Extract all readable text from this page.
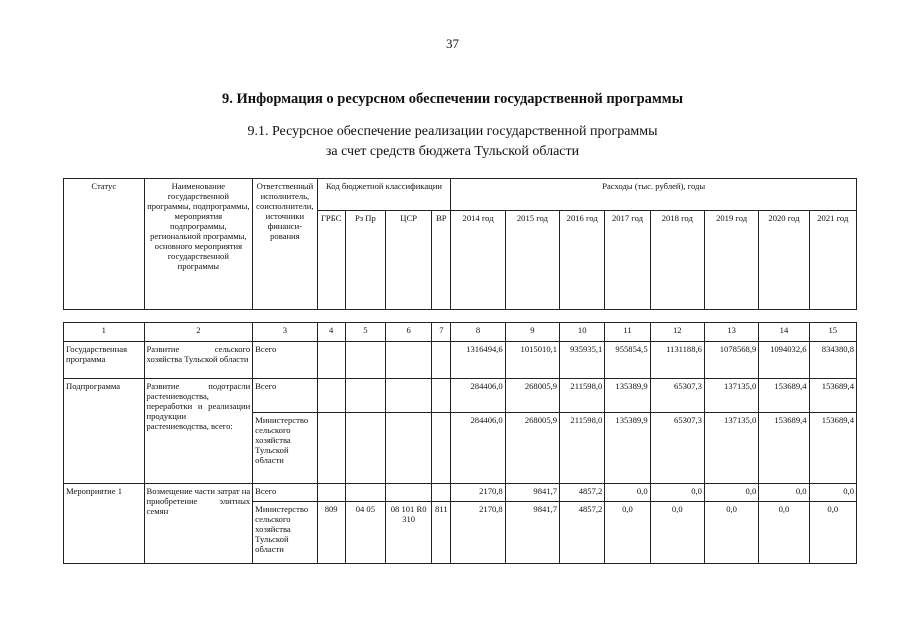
37
9. Информация о ресурсном обеспечении государственной программы
9.1. Ресурсное обеспечение реализации государственной программы
за счет средств бюджета Тульской области
Статус	Наименование государственной программы, подпрограммы, мероприятия подпрограммы, региональной программы, основного мероприятия государственной программы	Ответственный исполнитель, соисполнители, источники финанси-рования	Код бюджетной классификации				Расходы (тыс. рублей), годы							
			ГРБС	Рз Пр	ЦСР	ВР	2014 год	2015 год	2016 год	2017 год	2018 год	2019 год	2020 год	2021 год

1	2	3	4	5	6	7	8	9	10	11	12	13	14	15
Государственная программа	Развитие сельского хозяйства Тульской области	Всего					1316494,6	1015010,1	935935,1	955854,5	1131188,6	1078568,9	1094032,6	834380,8
Подпрограмма	Развитие подотрасли растениеводства, переработки и реализации продукции растениеводства, всего:	Всего					284406,0	268005,9	211598,0	135389,9	65307,3	137135,0	153689,4	153689,4
		Министерство сельского хозяйства Тульской области					284406,0	268005,9	211598,0	135389,9	65307,3	137135,0	153689,4	153689,4
Мероприятие 1	Возмещение части затрат на приобретение элитных семян	Всего					2170,8	9841,7	4857,2	0,0	0,0	0,0	0,0	0,0
		Министерство сельского хозяйства Тульской области	809	04 05	08 101 R0 310	811	2170,8	9841,7	4857,2	0,0	0,0	0,0	0,0	0,0
